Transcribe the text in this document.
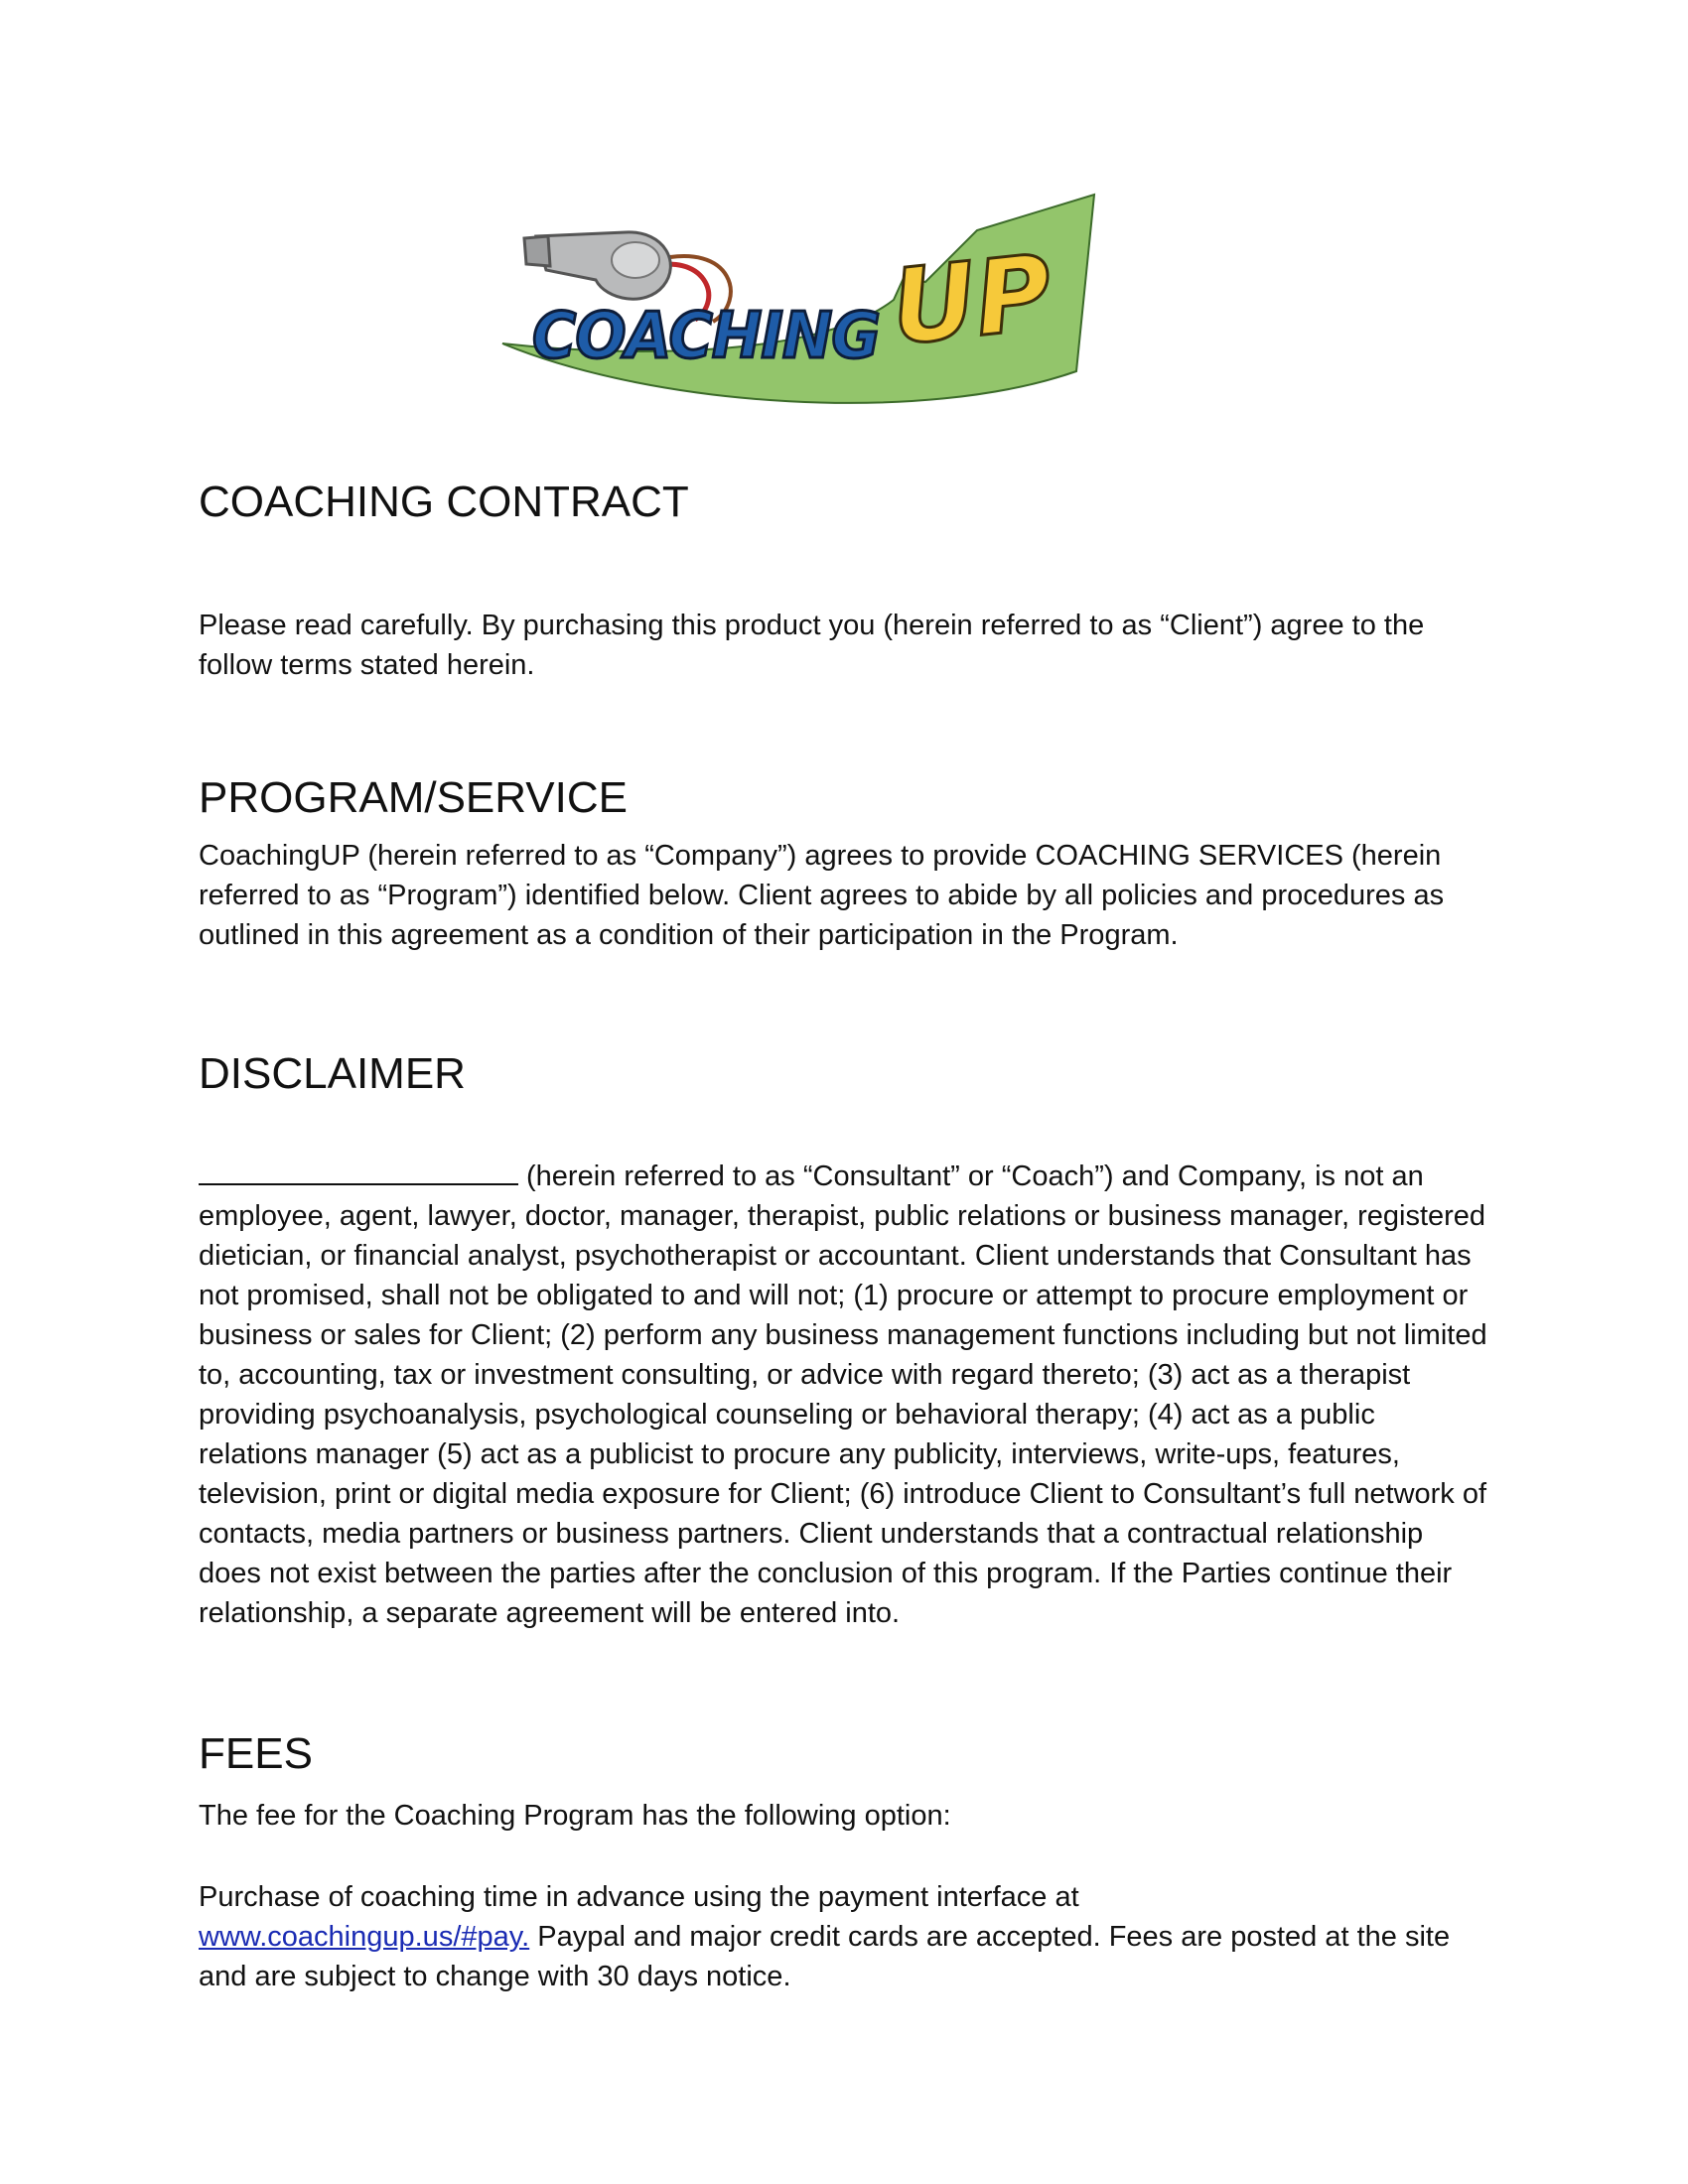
COACHING UP
COACHING CONTRACT

Please read carefully. By purchasing this product you (herein referred to as “Client”) agree to the follow terms stated herein.

PROGRAM/SERVICE

CoachingUP (herein referred to as “Company”) agrees to provide COACHING SERVICES (herein referred to as “Program”) identified below. Client agrees to abide by all policies and procedures as outlined in this agreement as a condition of their participation in the Program.

DISCLAIMER

(herein referred to as “Consultant” or “Coach”) and Company, is not an employee, agent, lawyer, doctor, manager, therapist, public relations or business manager, registered dietician, or financial analyst, psychotherapist or accountant. Client understands that Consultant has not promised, shall not be obligated to and will not; (1) procure or attempt to procure employment or business or sales for Client; (2) perform any business management functions including but not limited to, accounting, tax or investment consulting, or advice with regard thereto; (3) act as a therapist providing psychoanalysis, psychological counseling or behavioral therapy; (4) act as a public relations manager (5) act as a publicist to procure any publicity, interviews, write-ups, features, television, print or digital media exposure for Client; (6) introduce Client to Consultant’s full network of contacts, media partners or business partners. Client understands that a contractual relationship does not exist between the parties after the conclusion of this program. If the Parties continue their relationship, a separate agreement will be entered into.

FEES

The fee for the Coaching Program has the following option:

Purchase of coaching time in advance using the payment interface at
www.coachingup.us/#pay. Paypal and major credit cards are accepted. Fees are posted at the site and are subject to change with 30 days notice.
